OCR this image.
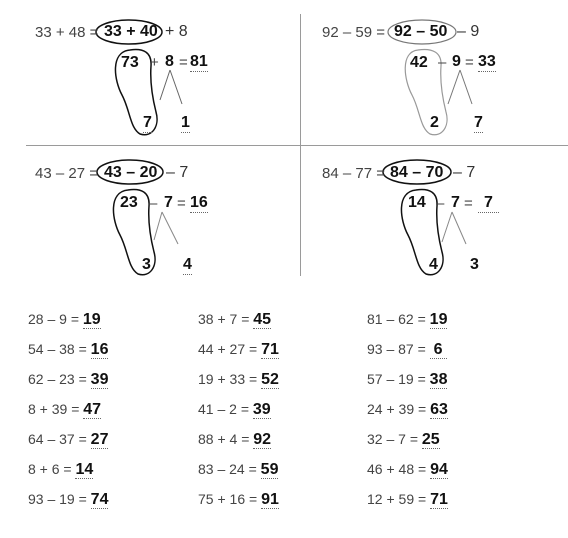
33 + 48 = 33 + 40 + 8
73 + 8 = 81
7 1
92 – 59 = 92 – 50 – 9
42 – 9 = 33
2 7
43 – 27 = 43 – 20 – 7
23 – 7 = 16
3 4
84 – 77 = 84 – 70 – 7
14 – 7 = 7
4 3
28 – 9 = 19
54 – 38 = 16
62 – 23 = 39
8 + 39 = 47
64 – 37 = 27
8 + 6 = 14
93 – 19 = 74
38 + 7 = 45
44 + 27 = 71
19 + 33 = 52
41 – 2 = 39
88 + 4 = 92
83 – 24 = 59
75 + 16 = 91
81 – 62 = 19
93 – 87 = 6
57 – 19 = 38
24 + 39 = 63
32 – 7 = 25
46 + 48 = 94
12 + 59 = 71
